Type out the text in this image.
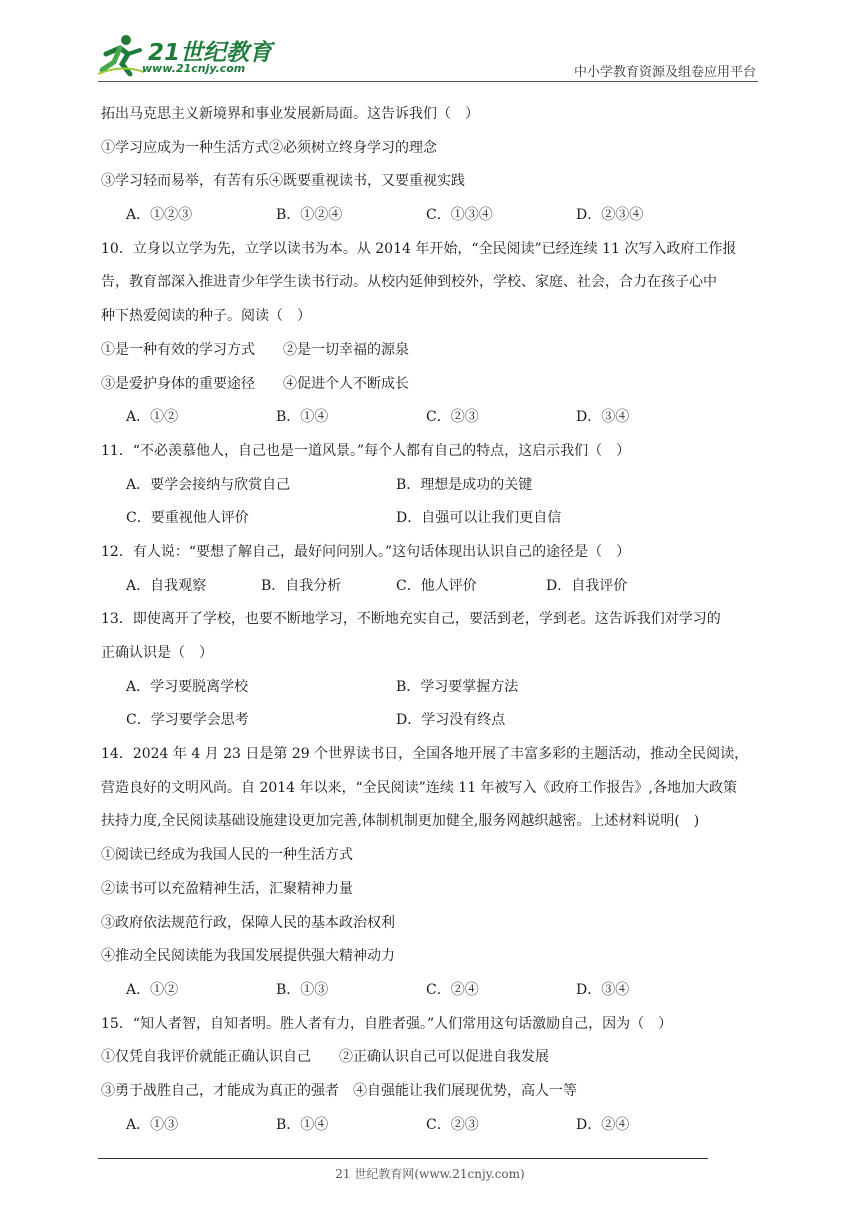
21世纪教育
www.21cnjy.com	中小学教育资源及组卷应用平台
拓出马克思主义新境界和事业发展新局面。这告诉我们（　）
①学习应成为一种生活方式②必须树立终身学习的理念
③学习轻而易举，有苦有乐④既要重视读书，又要重视实践
A．①②③	B．①②④	C．①③④	D．②③④
10．立身以立学为先，立学以读书为本。从 2014 年开始，“全民阅读”已经连续 11 次写入政府工作报
告，教育部深入推进青少年学生读书行动。从校内延伸到校外，学校、家庭、社会，合力在孩子心中
种下热爱阅读的种子。阅读（　）
①是一种有效的学习方式　　②是一切幸福的源泉
③是爱护身体的重要途径　　④促进个人不断成长
A．①②	B．①④	C．②③	D．③④
11．“不必羡慕他人，自己也是一道风景。”每个人都有自己的特点，这启示我们（　）
A．要学会接纳与欣赏自己	B．理想是成功的关键
C．要重视他人评价	D．自强可以让我们更自信
12．有人说：“要想了解自己，最好问问别人。”这句话体现出认识自己的途径是（　）
A．自我观察	B．自我分析	C．他人评价	D．自我评价
13．即使离开了学校，也要不断地学习，不断地充实自己，要活到老，学到老。这告诉我们对学习的
正确认识是（　）
A．学习要脱离学校	B．学习要掌握方法
C．学习要学会思考	D．学习没有终点
14．2024 年 4 月 23 日是第 29 个世界读书日，全国各地开展了丰富多彩的主题活动，推动全民阅读，
营造良好的文明风尚。自 2014 年以来，“全民阅读”连续 11 年被写入《政府工作报告》,各地加大政策
扶持力度,全民阅读基础设施建设更加完善,体制机制更加健全,服务网越织越密。上述材料说明(　)
①阅读已经成为我国人民的一种生活方式
②读书可以充盈精神生活，汇聚精神力量
③政府依法规范行政，保障人民的基本政治权利
④推动全民阅读能为我国发展提供强大精神动力
A．①②	B．①③	C．②④	D．③④
15．“知人者智，自知者明。胜人者有力，自胜者强。”人们常用这句话激励自己，因为（　）
①仅凭自我评价就能正确认识自己　　②正确认识自己可以促进自我发展
③勇于战胜自己，才能成为真正的强者　④自强能让我们展现优势，高人一等
A．①③	B．①④	C．②③	D．②④
21 世纪教育网(www.21cnjy.com)
